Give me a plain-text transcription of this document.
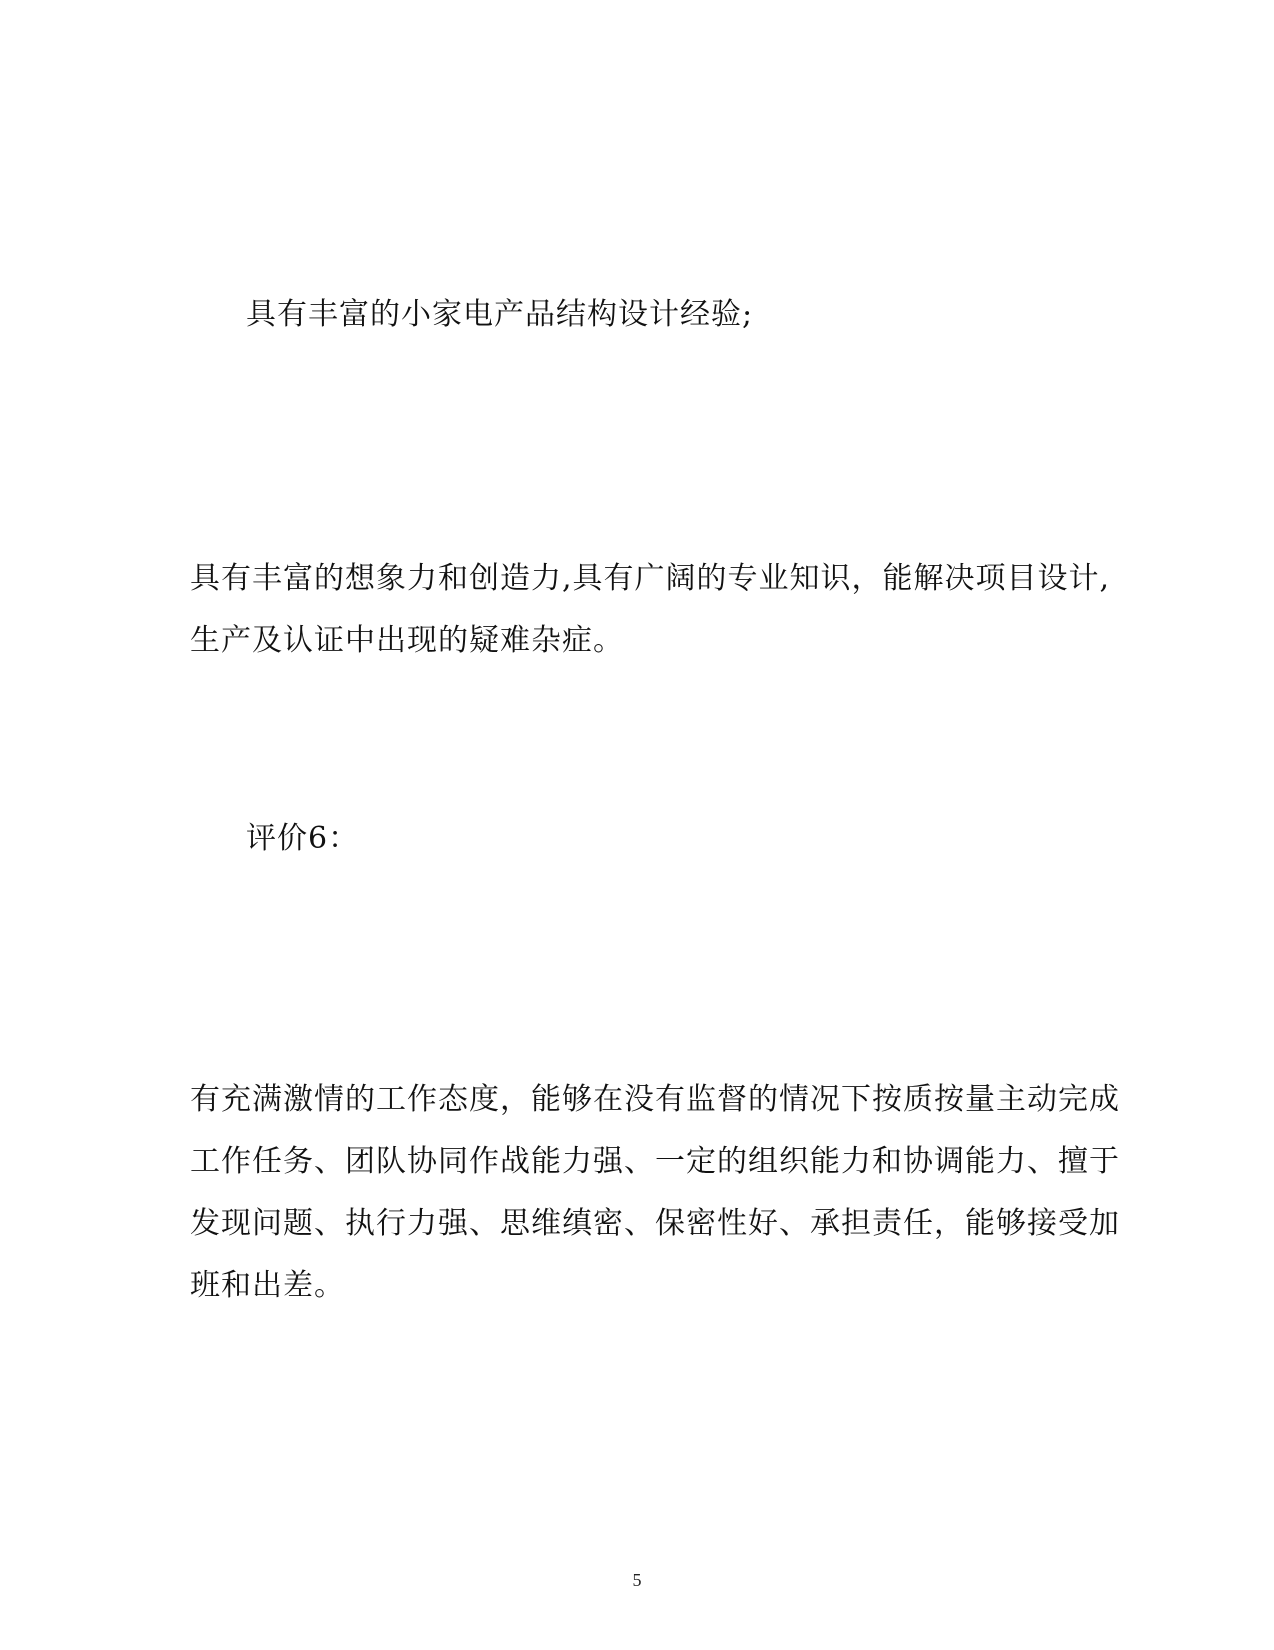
具有丰富的小家电产品结构设计经验;
具有丰富的想象力和创造力,具有广阔的专业知识，能解决项目设计,
生产及认证中出现的疑难杂症。
评价6：
有充满激情的工作态度，能够在没有监督的情况下按质按量主动完成
工作任务、团队协同作战能力强、一定的组织能力和协调能力、擅于
发现问题、执行力强、思维缜密、保密性好、承担责任，能够接受加
班和出差。
5
